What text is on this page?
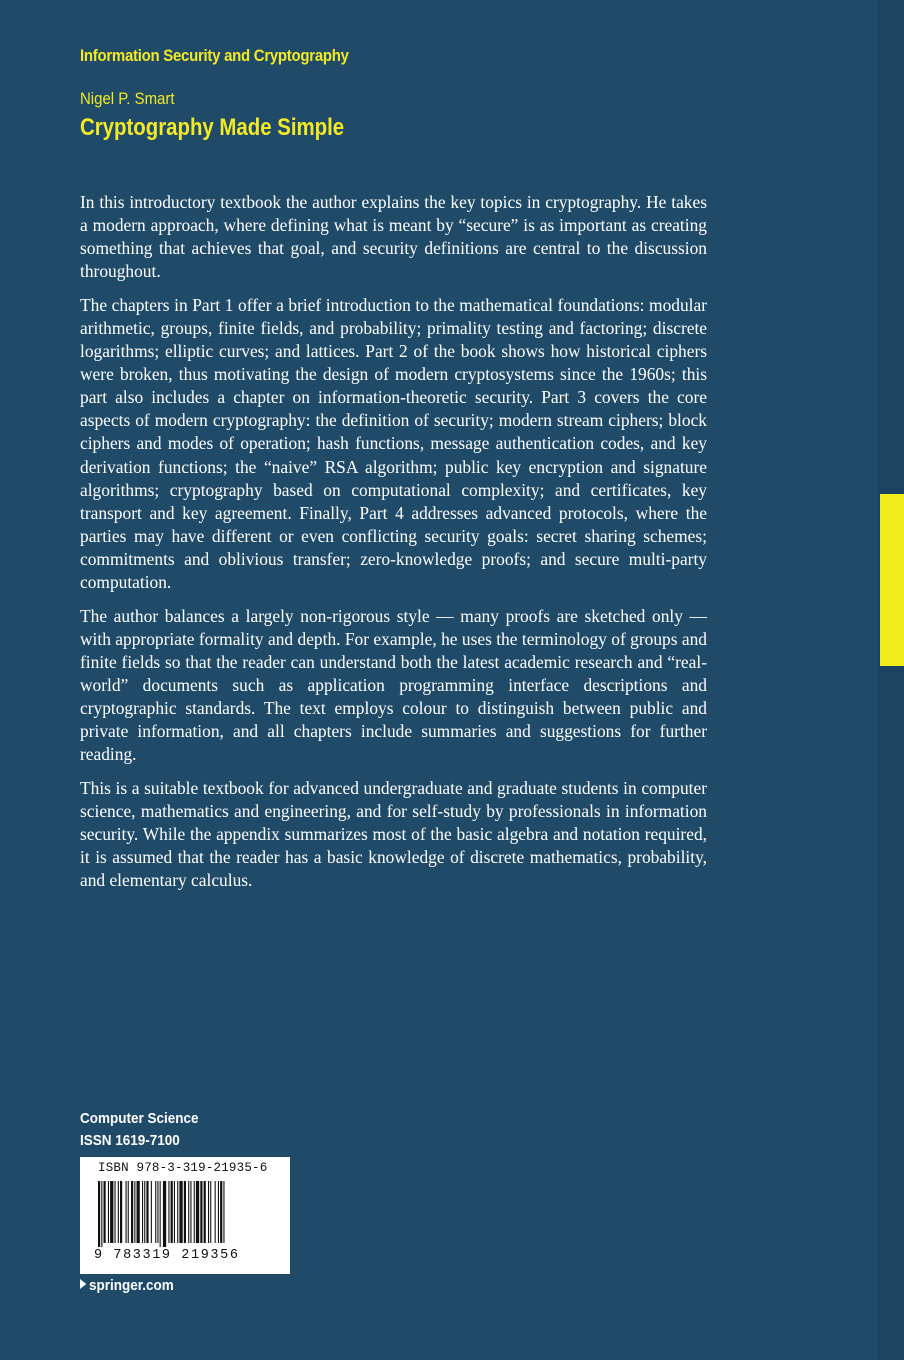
Information Security and Cryptography
Nigel P. Smart
Cryptography Made Simple

In this introductory textbook the author explains the key topics in cryptography. He takes a modern approach, where defining what is meant by “secure” is as important as creating something that achieves that goal, and security definitions are central to the discussion throughout.

The chapters in Part 1 offer a brief introduction to the mathematical foundations: modular arithmetic, groups, finite fields, and probability; primality testing and factoring; discrete logarithms; elliptic curves; and lattices. Part 2 of the book shows how historical ciphers were broken, thus motivating the design of modern cryptosystems since the 1960s; this part also includes a chapter on information-theoretic security. Part 3 covers the core aspects of modern cryptography: the definition of security; modern stream ciphers; block ciphers and modes of operation; hash functions, message authentication codes, and key derivation functions; the “naive” RSA algorithm; public key encryption and signature algorithms; cryptography based on computational complexity; and certificates, key transport and key agreement. Finally, Part 4 addresses advanced protocols, where the parties may have different or even conflicting security goals: secret sharing schemes; commitments and oblivious transfer; zero-knowledge proofs; and secure multi-party computation.

The author balances a largely non-rigorous style — many proofs are sketched only — with appropriate formality and depth. For example, he uses the terminology of groups and finite fields so that the reader can understand both the latest academic research and “real-world” documents such as application programming interface descriptions and cryptographic standards. The text employs colour to distinguish between public and private information, and all chapters include summaries and suggestions for further reading.

This is a suitable textbook for advanced undergraduate and graduate students in computer science, mathematics and engineering, and for self-study by professionals in information security. While the appendix summarizes most of the basic algebra and notation required, it is assumed that the reader has a basic knowledge of discrete mathematics, probability, and elementary calculus.

Computer Science
ISSN 1619-7100
ISBN 978-3-319-21935-6
9 783319 219356
springer.com
